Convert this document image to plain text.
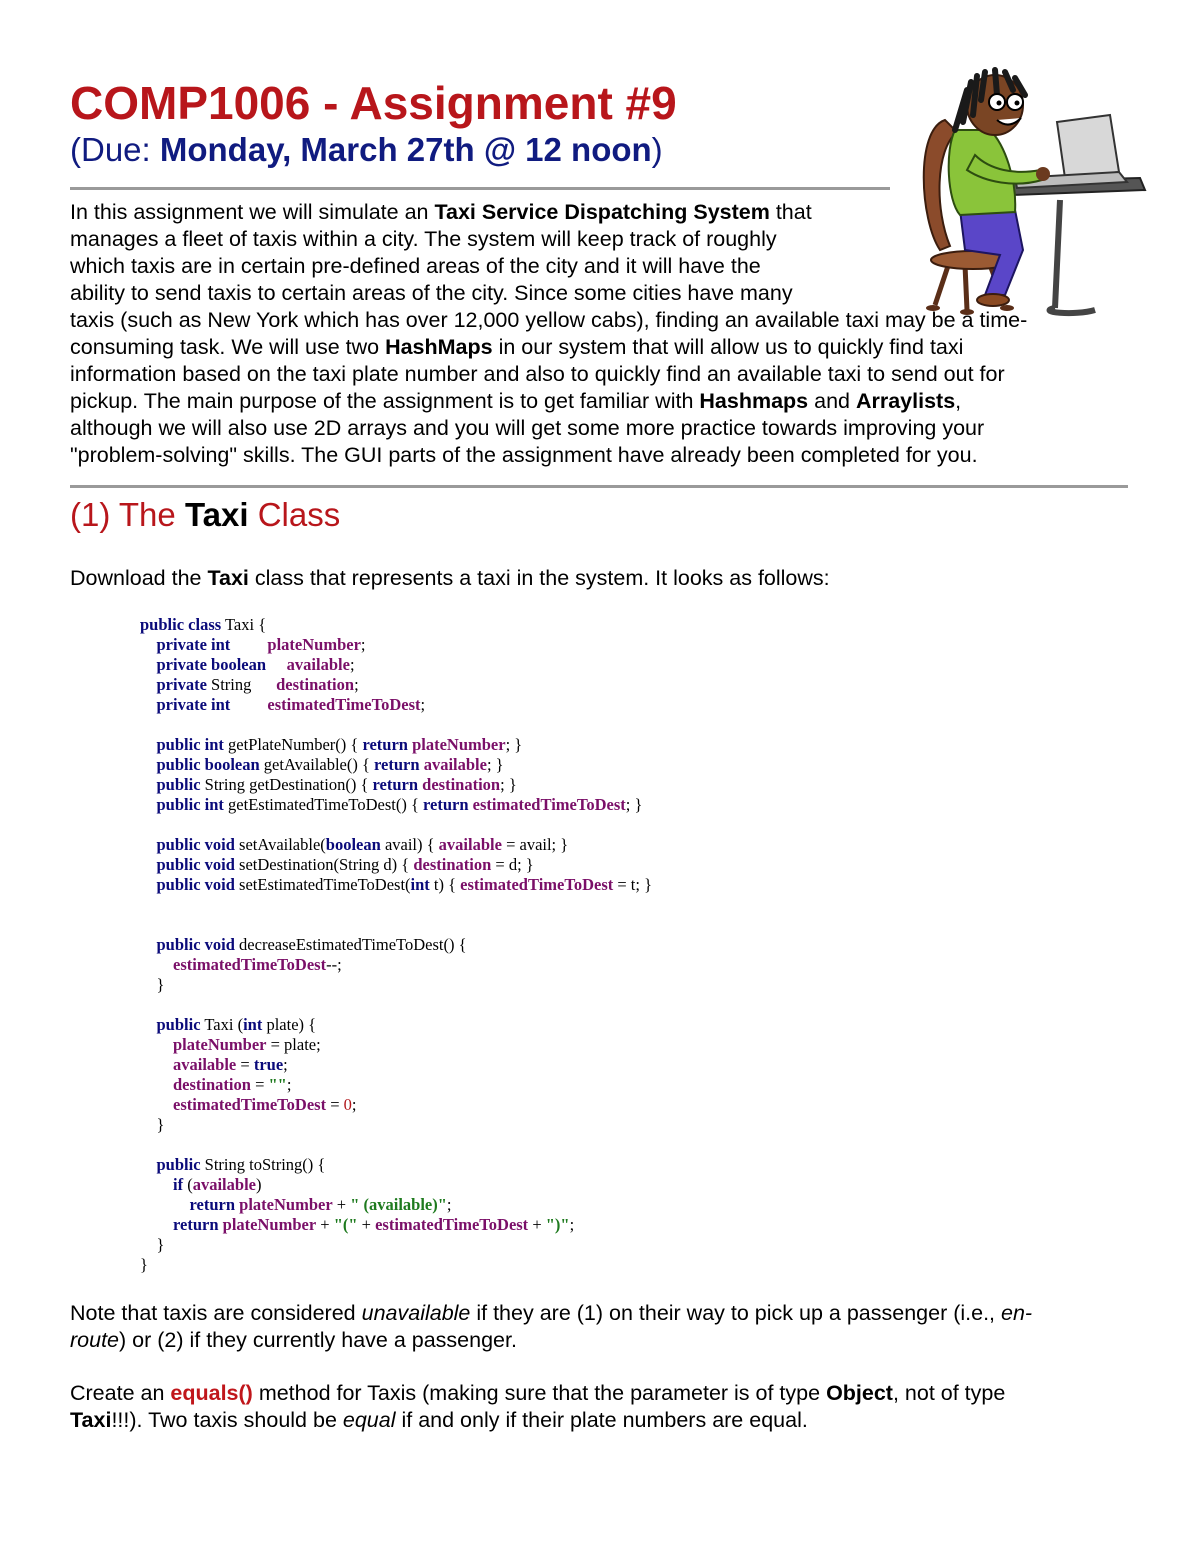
COMP1006 - Assignment #9
(Due: Monday, March 27th @ 12 noon)
In this assignment we will simulate an Taxi Service Dispatching System that
manages a fleet of taxis within a city. The system will keep track of roughly
which taxis are in certain pre-defined areas of the city and it will have the
ability to send taxis to certain areas of the city. Since some cities have many
taxis (such as New York which has over 12,000 yellow cabs), finding an available taxi may be a time-
consuming task. We will use two HashMaps in our system that will allow us to quickly find taxi
information based on the taxi plate number and also to quickly find an available taxi to send out for
pickup. The main purpose of the assignment is to get familiar with Hashmaps and Arraylists,
although we will also use 2D arrays and you will get some more practice towards improving your
"problem-solving" skills. The GUI parts of the assignment have already been completed for you.
(1) The Taxi Class
Download the Taxi class that represents a taxi in the system. It looks as follows:
public class Taxi {
private int plateNumber;
private boolean available;
private String destination;
private int estimatedTimeToDest;

public int getPlateNumber() { return plateNumber; }
public boolean getAvailable() { return available; }
public String getDestination() { return destination; }
public int getEstimatedTimeToDest() { return estimatedTimeToDest; }

public void setAvailable(boolean avail) { available = avail; }
public void setDestination(String d) { destination = d; }
public void setEstimatedTimeToDest(int t) { estimatedTimeToDest = t; }

public void decreaseEstimatedTimeToDest() {
estimatedTimeToDest--;
}

public Taxi (int plate) {
plateNumber = plate;
available = true;
destination = "";
estimatedTimeToDest = 0;
}

public String toString() {
if (available)
return plateNumber + " (available)";
return plateNumber + "(" + estimatedTimeToDest + ")";
}
}
Note that taxis are considered unavailable if they are (1) on their way to pick up a passenger (i.e., en-
route) or (2) if they currently have a passenger.
Create an equals() method for Taxis (making sure that the parameter is of type Object, not of type
Taxi!!!). Two taxis should be equal if and only if their plate numbers are equal.
